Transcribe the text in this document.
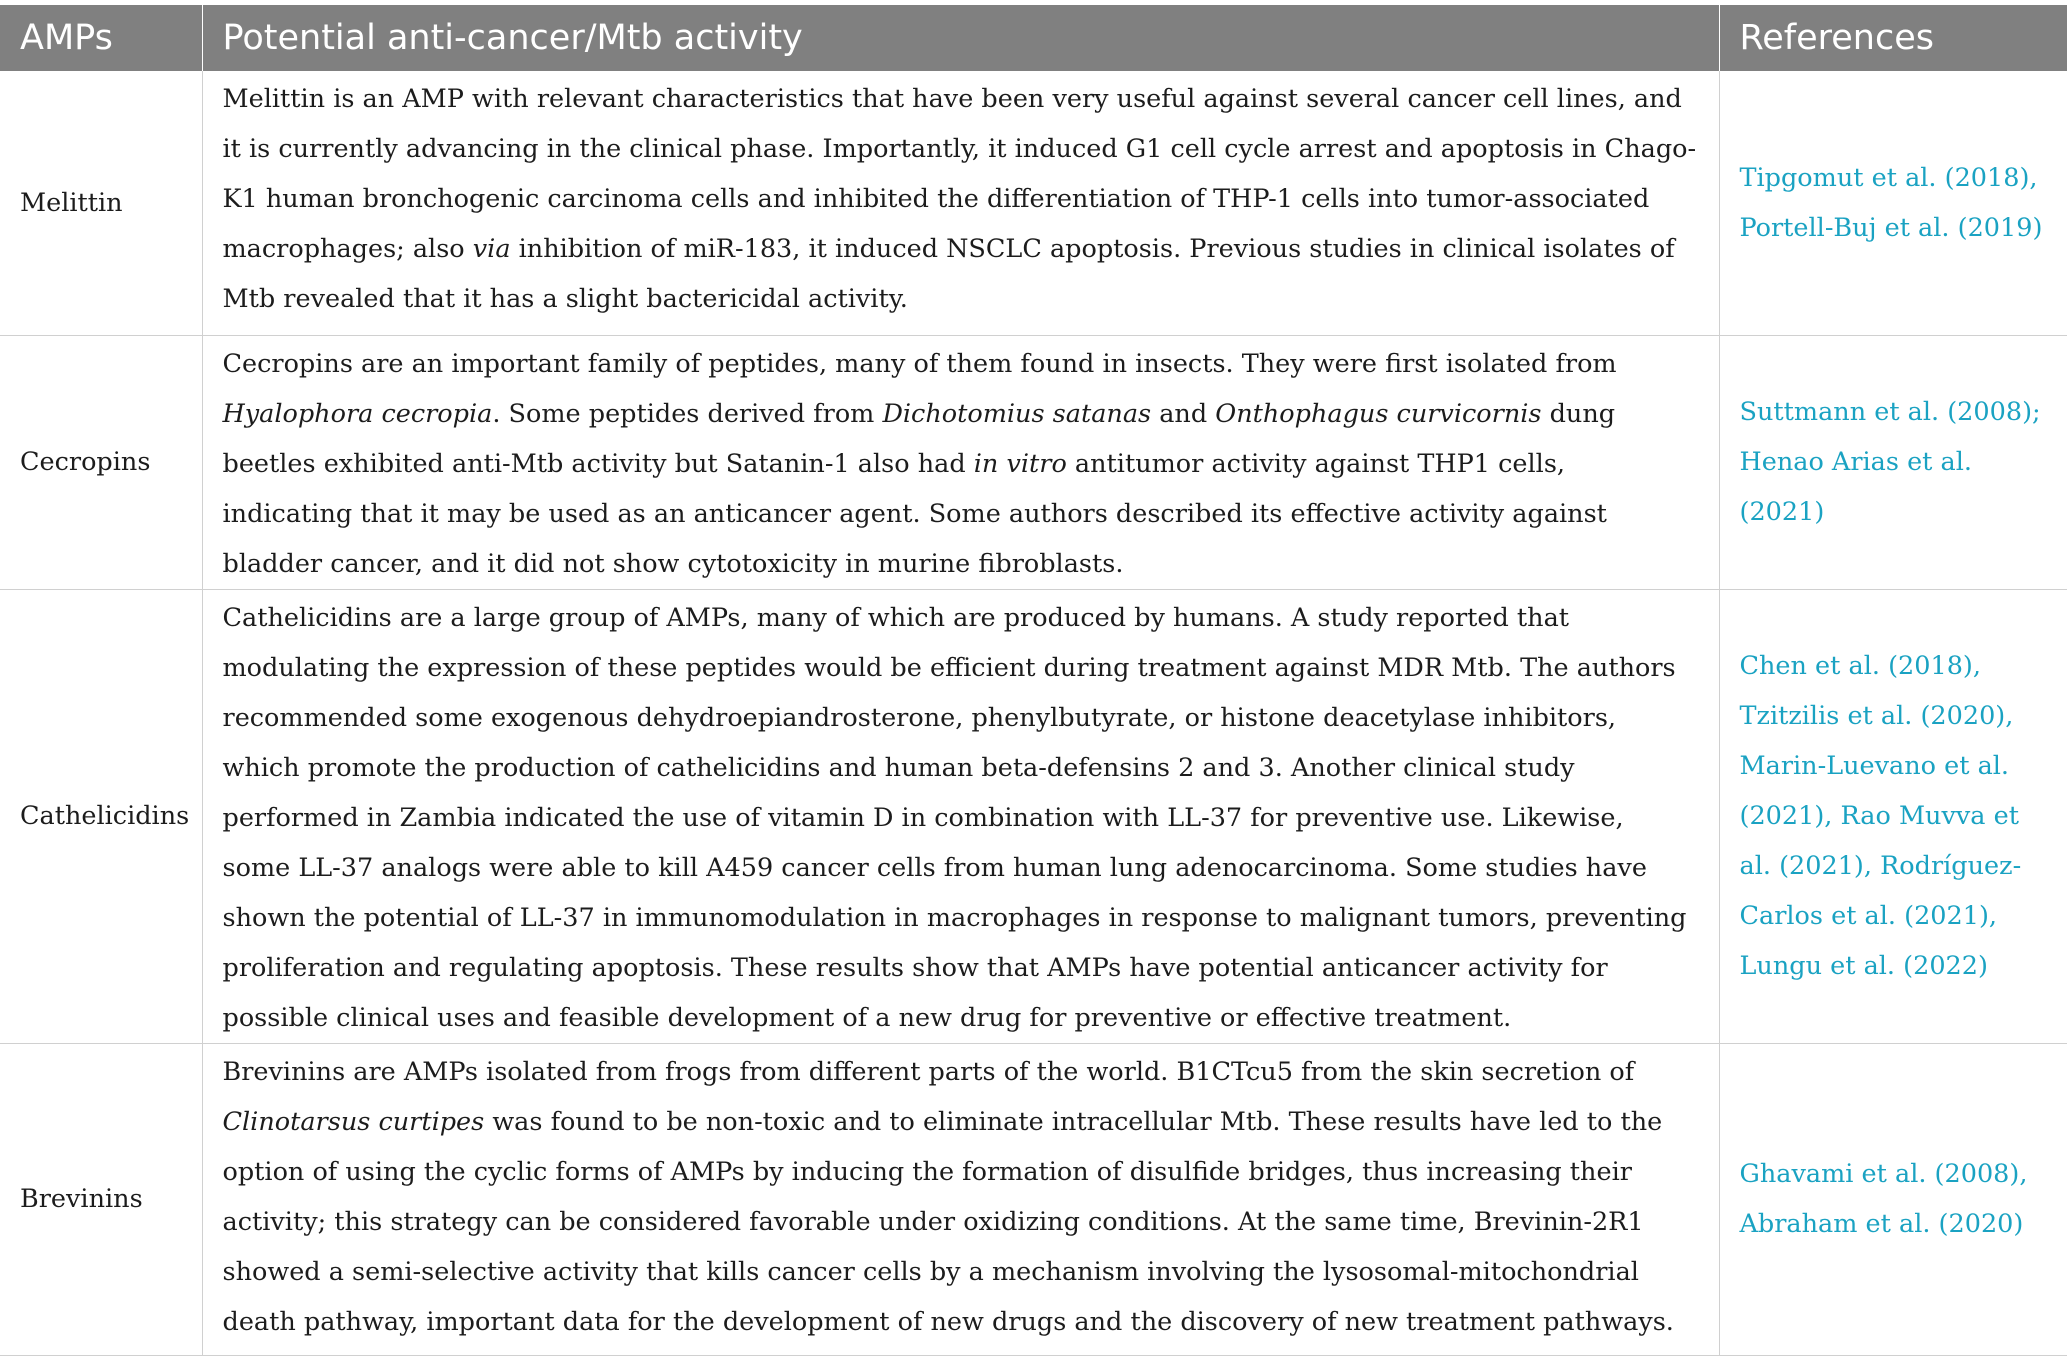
AMPs	Potential anti-cancer/Mtb activity	References
Melittin	Melittin is an AMP with relevant characteristics that have been very useful against several cancer cell lines, and it is currently advancing in the clinical phase. Importantly, it induced G1 cell cycle arrest and apoptosis in Chago-K1 human bronchogenic carcinoma cells and inhibited the differentiation of THP-1 cells into tumor-associated macrophages; also via inhibition of miR-183, it induced NSCLC apoptosis. Previous studies in clinical isolates of Mtb revealed that it has a slight bactericidal activity.	Tipgomut et al. (2018), Portell-Buj et al. (2019)
Cecropins	Cecropins are an important family of peptides, many of them found in insects. They were first isolated from Hyalophora cecropia. Some peptides derived from Dichotomius satanas and Onthophagus curvicornis dung beetles exhibited anti-Mtb activity but Satanin-1 also had in vitro antitumor activity against THP1 cells, indicating that it may be used as an anticancer agent. Some authors described its effective activity against bladder cancer, and it did not show cytotoxicity in murine fibroblasts.	Suttmann et al. (2008); Henao Arias et al. (2021)
Cathelicidins	Cathelicidins are a large group of AMPs, many of which are produced by humans. A study reported that modulating the expression of these peptides would be efficient during treatment against MDR Mtb. The authors recommended some exogenous dehydroepiandrosterone, phenylbutyrate, or histone deacetylase inhibitors, which promote the production of cathelicidins and human beta-defensins 2 and 3. Another clinical study performed in Zambia indicated the use of vitamin D in combination with LL-37 for preventive use. Likewise, some LL-37 analogs were able to kill A459 cancer cells from human lung adenocarcinoma. Some studies have shown the potential of LL-37 in immunomodulation in macrophages in response to malignant tumors, preventing proliferation and regulating apoptosis. These results show that AMPs have potential anticancer activity for possible clinical uses and feasible development of a new drug for preventive or effective treatment.	Chen et al. (2018), Tzitzilis et al. (2020), Marin-Luevano et al. (2021), Rao Muvva et al. (2021), Rodríguez-Carlos et al. (2021), Lungu et al. (2022)
Brevinins	Brevinins are AMPs isolated from frogs from different parts of the world. B1CTcu5 from the skin secretion of Clinotarsus curtipes was found to be non-toxic and to eliminate intracellular Mtb. These results have led to the option of using the cyclic forms of AMPs by inducing the formation of disulfide bridges, thus increasing their activity; this strategy can be considered favorable under oxidizing conditions. At the same time, Brevinin-2R1 showed a semi-selective activity that kills cancer cells by a mechanism involving the lysosomal-mitochondrial death pathway, important data for the development of new drugs and the discovery of new treatment pathways.	Ghavami et al. (2008), Abraham et al. (2020)
